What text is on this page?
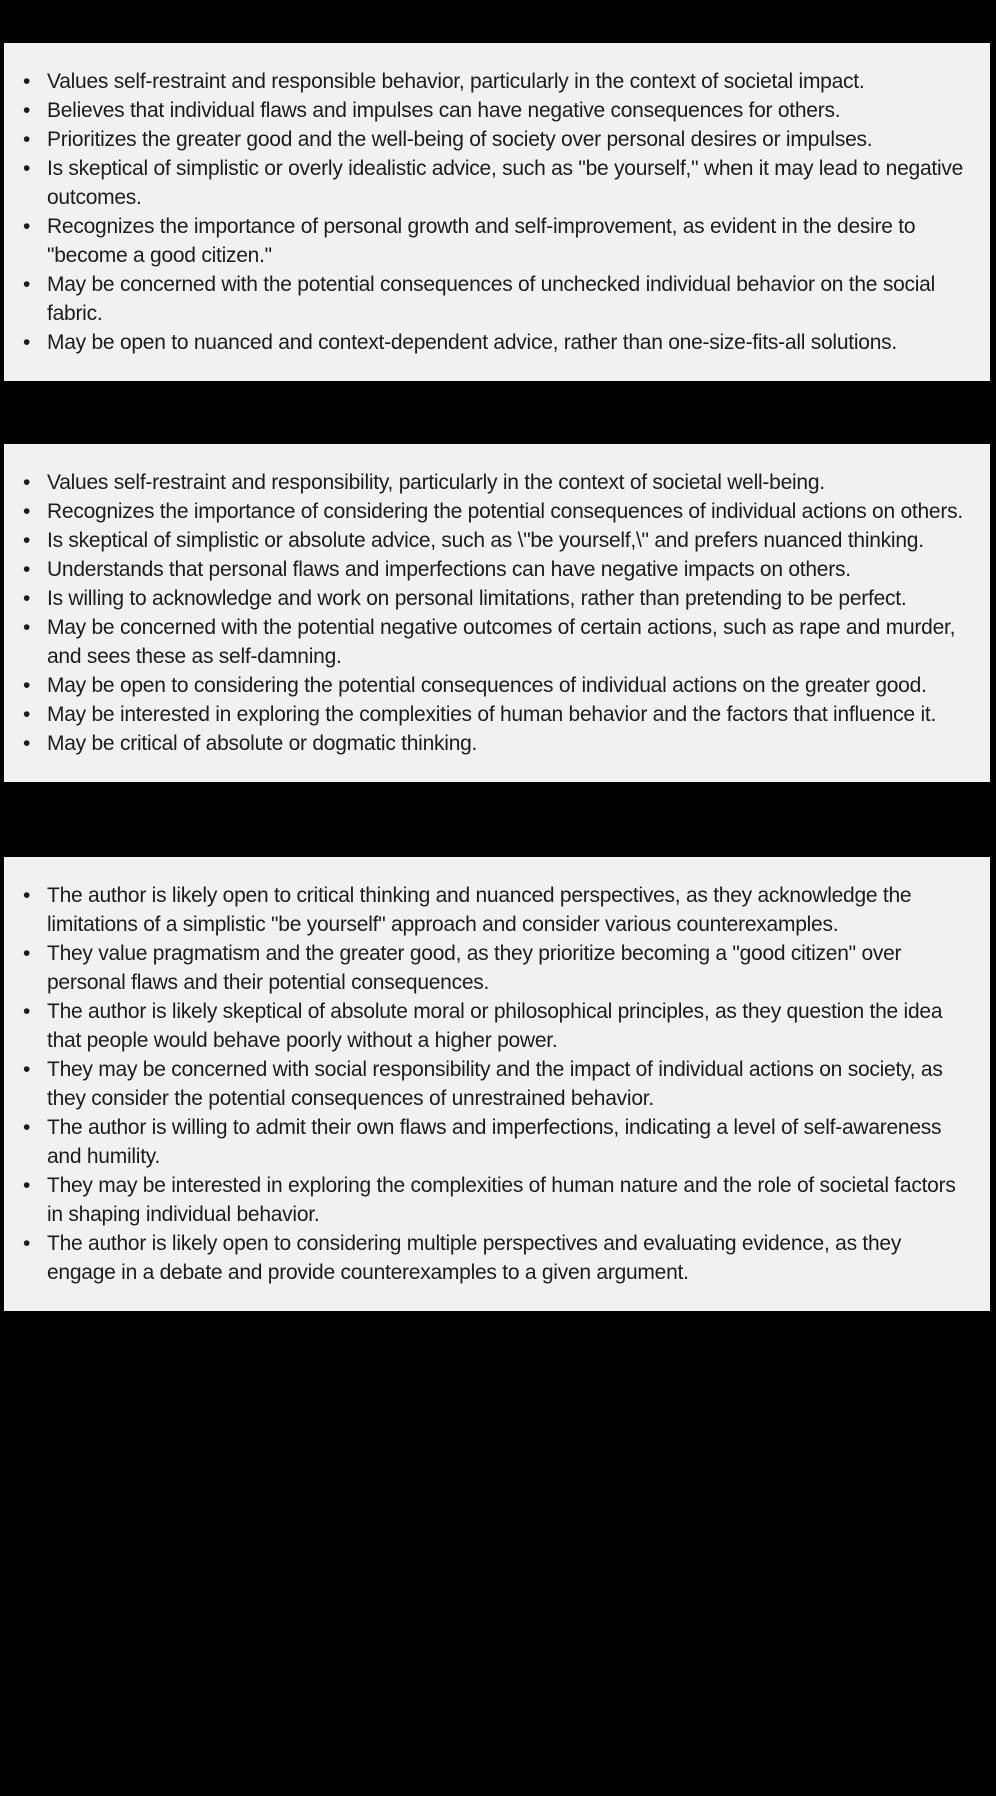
• Values self-restraint and responsible behavior, particularly in the context of societal impact.
• Believes that individual flaws and impulses can have negative consequences for others.
• Prioritizes the greater good and the well-being of society over personal desires or impulses.
• Is skeptical of simplistic or overly idealistic advice, such as "be yourself," when it may lead to negative outcomes.
• Recognizes the importance of personal growth and self-improvement, as evident in the desire to "become a good citizen."
• May be concerned with the potential consequences of unchecked individual behavior on the social fabric.
• May be open to nuanced and context-dependent advice, rather than one-size-fits-all solutions.
• Values self-restraint and responsibility, particularly in the context of societal well-being.
• Recognizes the importance of considering the potential consequences of individual actions on others.
• Is skeptical of simplistic or absolute advice, such as \"be yourself,\" and prefers nuanced thinking.
• Understands that personal flaws and imperfections can have negative impacts on others.
• Is willing to acknowledge and work on personal limitations, rather than pretending to be perfect.
• May be concerned with the potential negative outcomes of certain actions, such as rape and murder, and sees these as self-damning.
• May be open to considering the potential consequences of individual actions on the greater good.
• May be interested in exploring the complexities of human behavior and the factors that influence it.
• May be critical of absolute or dogmatic thinking.
• The author is likely open to critical thinking and nuanced perspectives, as they acknowledge the limitations of a simplistic "be yourself" approach and consider various counterexamples.
• They value pragmatism and the greater good, as they prioritize becoming a "good citizen" over personal flaws and their potential consequences.
• The author is likely skeptical of absolute moral or philosophical principles, as they question the idea that people would behave poorly without a higher power.
• They may be concerned with social responsibility and the impact of individual actions on society, as they consider the potential consequences of unrestrained behavior.
• The author is willing to admit their own flaws and imperfections, indicating a level of self-awareness and humility.
• They may be interested in exploring the complexities of human nature and the role of societal factors in shaping individual behavior.
• The author is likely open to considering multiple perspectives and evaluating evidence, as they engage in a debate and provide counterexamples to a given argument.
